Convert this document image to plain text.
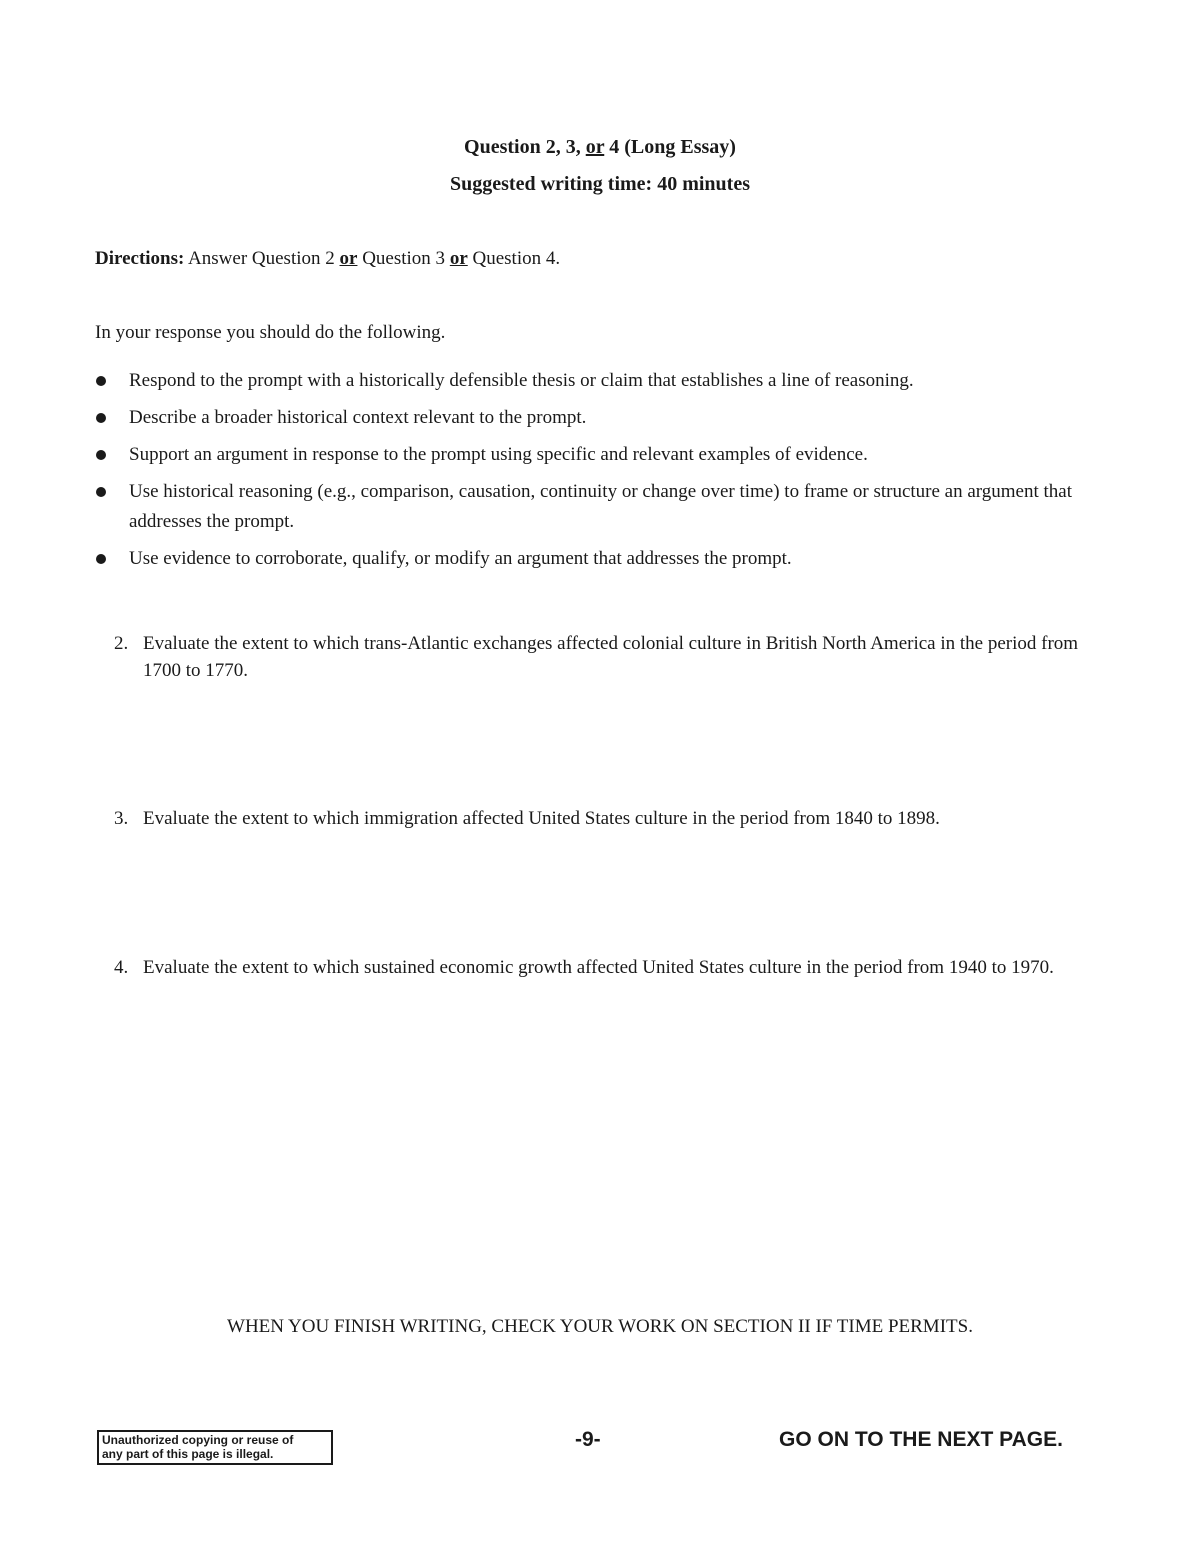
Question 2, 3, or 4 (Long Essay)
Suggested writing time: 40 minutes
Directions: Answer Question 2 or Question 3 or Question 4.
In your response you should do the following.
Respond to the prompt with a historically defensible thesis or claim that establishes a line of reasoning.
Describe a broader historical context relevant to the prompt.
Support an argument in response to the prompt using specific and relevant examples of evidence.
Use historical reasoning (e.g., comparison, causation, continuity or change over time) to frame or structure an argument that addresses the prompt.
Use evidence to corroborate, qualify, or modify an argument that addresses the prompt.
2. Evaluate the extent to which trans-Atlantic exchanges affected colonial culture in British North America in the period from 1700 to 1770.
3. Evaluate the extent to which immigration affected United States culture in the period from 1840 to 1898.
4. Evaluate the extent to which sustained economic growth affected United States culture in the period from 1940 to 1970.
WHEN YOU FINISH WRITING, CHECK YOUR WORK ON SECTION II IF TIME PERMITS.
Unauthorized copying or reuse of
any part of this page is illegal.
-9-	GO ON TO THE NEXT PAGE.
